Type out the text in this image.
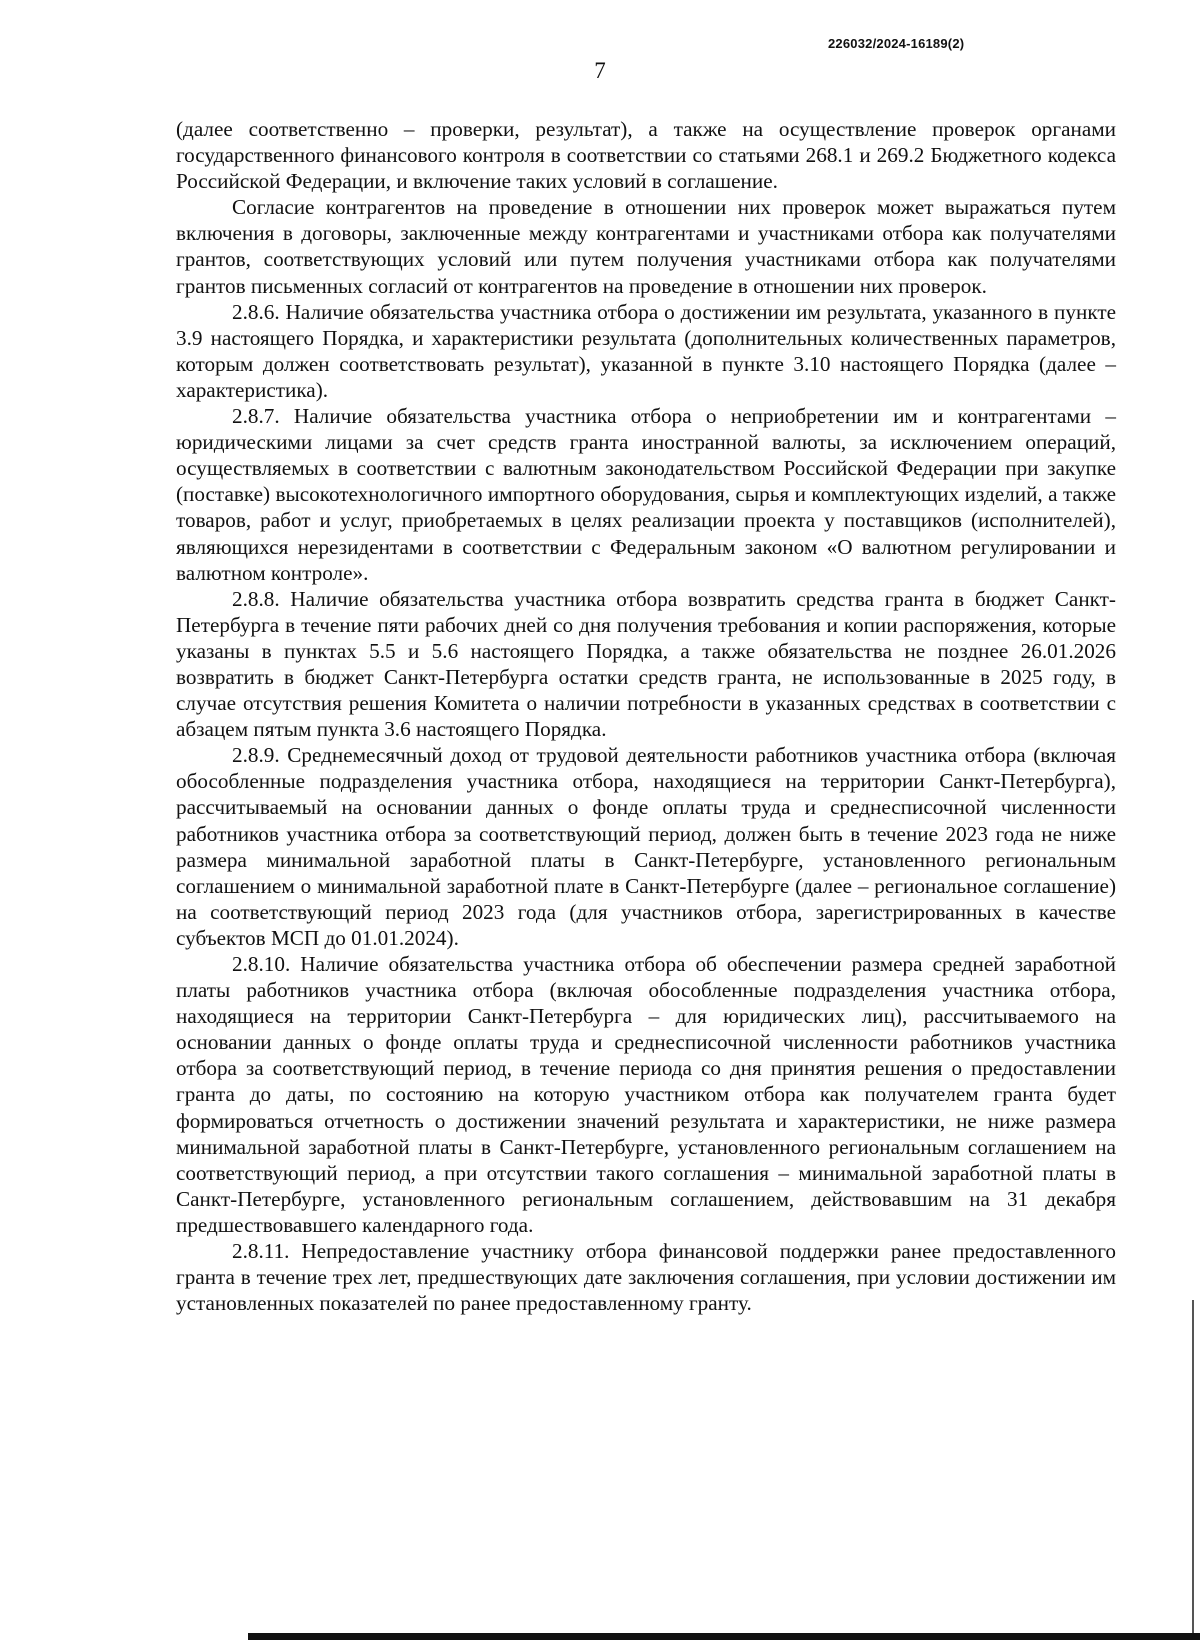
226032/2024-16189(2)
7

(далее соответственно – проверки, результат), а также на осуществление проверок органами государственного финансового контроля в соответствии со статьями 268.1 и 269.2 Бюджетного кодекса Российской Федерации, и включение таких условий в соглашение.

Согласие контрагентов на проведение в отношении них проверок может выражаться путем включения в договоры, заключенные между контрагентами и участниками отбора как получателями грантов, соответствующих условий или путем получения участниками отбора как получателями грантов письменных согласий от контрагентов на проведение в отношении них проверок.

2.8.6. Наличие обязательства участника отбора о достижении им результата, указанного в пункте 3.9 настоящего Порядка, и характеристики результата (дополнительных количественных параметров, которым должен соответствовать результат), указанной в пункте 3.10 настоящего Порядка (далее – характеристика).

2.8.7. Наличие обязательства участника отбора о неприобретении им и контрагентами – юридическими лицами за счет средств гранта иностранной валюты, за исключением операций, осуществляемых в соответствии с валютным законодательством Российской Федерации при закупке (поставке) высокотехнологичного импортного оборудования, сырья и комплектующих изделий, а также товаров, работ и услуг, приобретаемых в целях реализации проекта у поставщиков (исполнителей), являющихся нерезидентами в соответствии с Федеральным законом «О валютном регулировании и валютном контроле».

2.8.8. Наличие обязательства участника отбора возвратить средства гранта в бюджет Санкт-Петербурга в течение пяти рабочих дней со дня получения требования и копии распоряжения, которые указаны в пунктах 5.5 и 5.6 настоящего Порядка, а также обязательства не позднее 26.01.2026 возвратить в бюджет Санкт-Петербурга остатки средств гранта, не использованные в 2025 году, в случае отсутствия решения Комитета о наличии потребности в указанных средствах в соответствии с абзацем пятым пункта 3.6 настоящего Порядка.

2.8.9. Среднемесячный доход от трудовой деятельности работников участника отбора (включая обособленные подразделения участника отбора, находящиеся на территории Санкт-Петербурга), рассчитываемый на основании данных о фонде оплаты труда и среднесписочной численности работников участника отбора за соответствующий период, должен быть в течение 2023 года не ниже размера минимальной заработной платы в Санкт-Петербурге, установленного региональным соглашением о минимальной заработной плате в Санкт-Петербурге (далее – региональное соглашение) на соответствующий период 2023 года (для участников отбора, зарегистрированных в качестве субъектов МСП до 01.01.2024).

2.8.10. Наличие обязательства участника отбора об обеспечении размера средней заработной платы работников участника отбора (включая обособленные подразделения участника отбора, находящиеся на территории Санкт-Петербурга – для юридических лиц), рассчитываемого на основании данных о фонде оплаты труда и среднесписочной численности работников участника отбора за соответствующий период, в течение периода со дня принятия решения о предоставлении гранта до даты, по состоянию на которую участником отбора как получателем гранта будет формироваться отчетность о достижении значений результата и характеристики, не ниже размера минимальной заработной платы в Санкт-Петербурге, установленного региональным соглашением на соответствующий период, а при отсутствии такого соглашения – минимальной заработной платы в Санкт-Петербурге, установленного региональным соглашением, действовавшим на 31 декабря предшествовавшего календарного года.

2.8.11. Непредоставление участнику отбора финансовой поддержки ранее предоставленного гранта в течение трех лет, предшествующих дате заключения соглашения, при условии достижении им установленных показателей по ранее предоставленному гранту.
